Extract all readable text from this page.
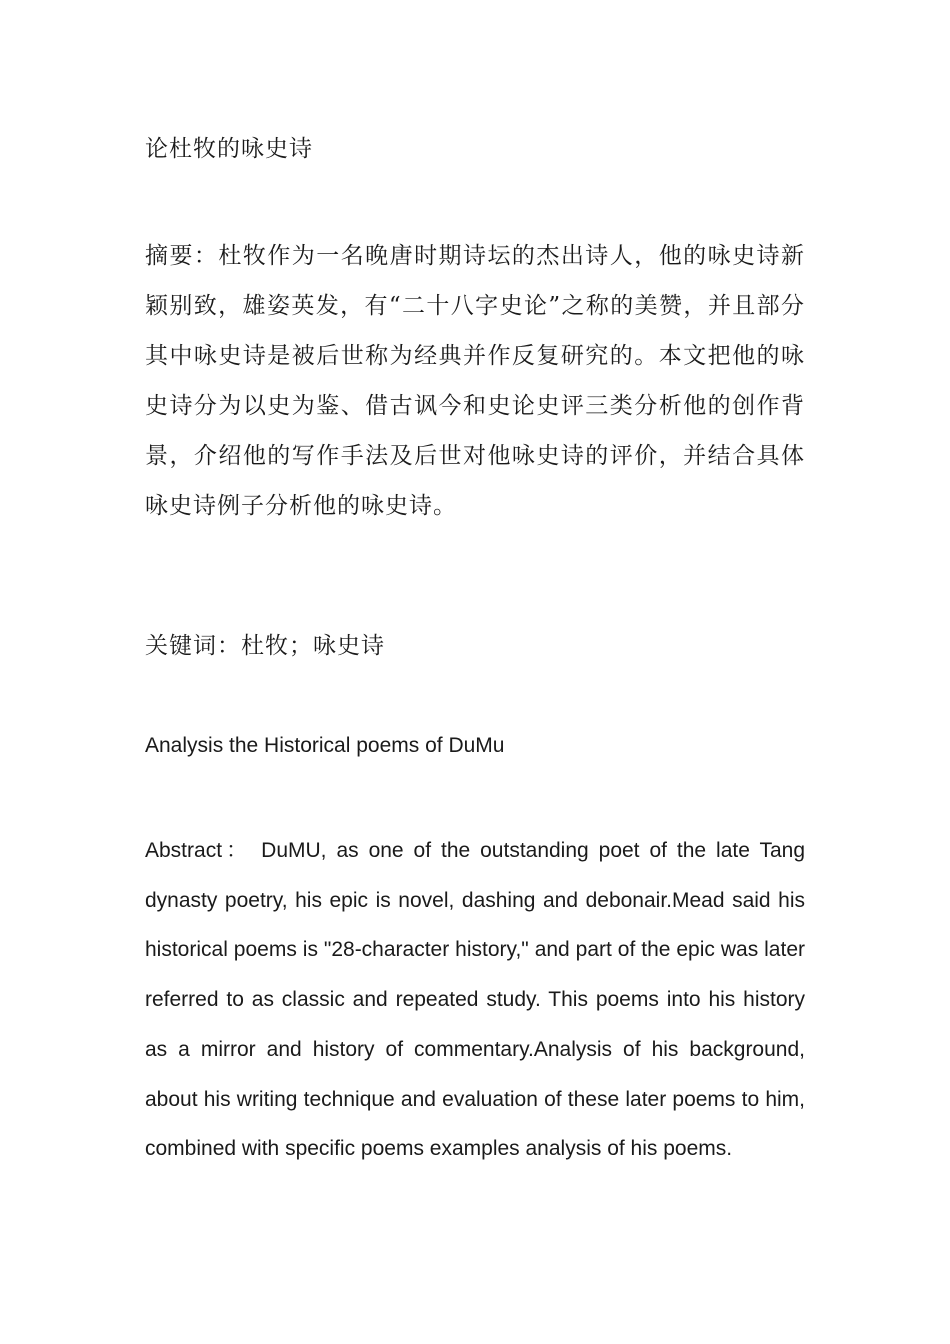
论杜牧的咏史诗

摘要：杜牧作为一名晚唐时期诗坛的杰出诗人，他的咏史诗新颖别致，雄姿英发，有“二十八字史论”之称的美赞，并且部分其中咏史诗是被后世称为经典并作反复研究的。本文把他的咏史诗分为以史为鉴、借古讽今和史论史评三类分析他的创作背景，介绍他的写作手法及后世对他咏史诗的评价，并结合具体咏史诗例子分析他的咏史诗。

关键词：杜牧；咏史诗

Analysis the Historical poems of DuMu

Abstract： DuMU, as one of the outstanding poet of the late Tang dynasty poetry, his epic is novel, dashing and debonair.Mead said his historical poems is "28-character history," and part of the epic was later referred to as classic and repeated study. This poems into his history as a mirror and history of commentary.Analysis of his background, about his writing technique and evaluation of these later poems to him, combined with specific poems examples analysis of his poems.
